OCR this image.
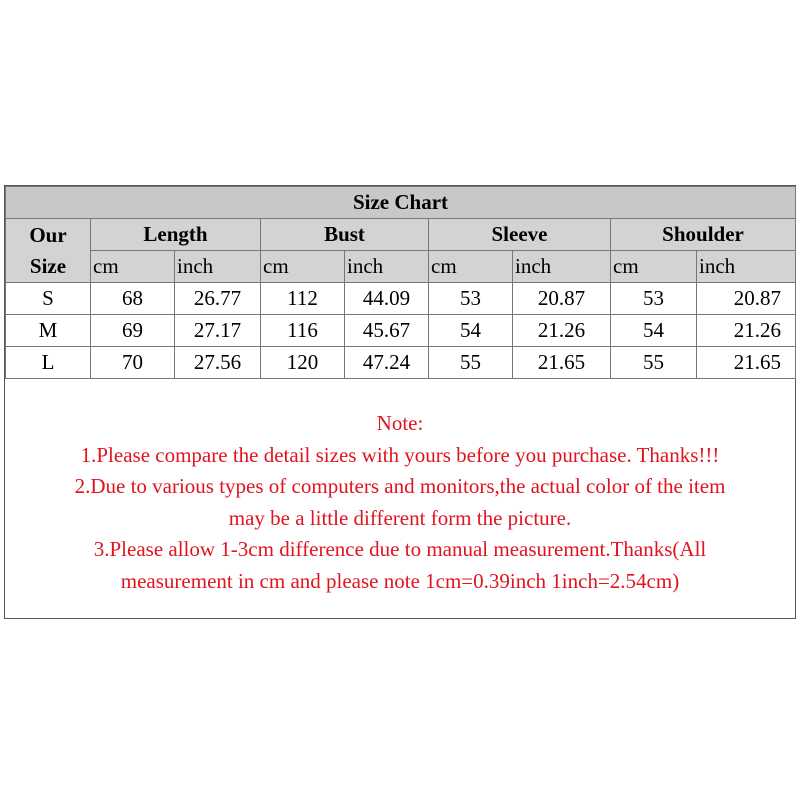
Size Chart								

Our
Size	Length		Bust		Sleeve		Shoulder	
	cm	inch	cm	inch	cm	inch	cm	inch
S	68	26.77	112	44.09	53	20.87	53	20.87
M	69	27.17	116	45.67	54	21.26	54	21.26
L	70	27.56	120	47.24	55	21.65	55	21.65
Note:
1.Please compare the detail sizes with yours before you purchase. Thanks!!!
2.Due to various types of computers and monitors,the actual color of the item
may be a little different form the picture.
3.Please allow 1-3cm difference due to manual measurement.Thanks(All
measurement in cm and please note 1cm=0.39inch 1inch=2.54cm)
